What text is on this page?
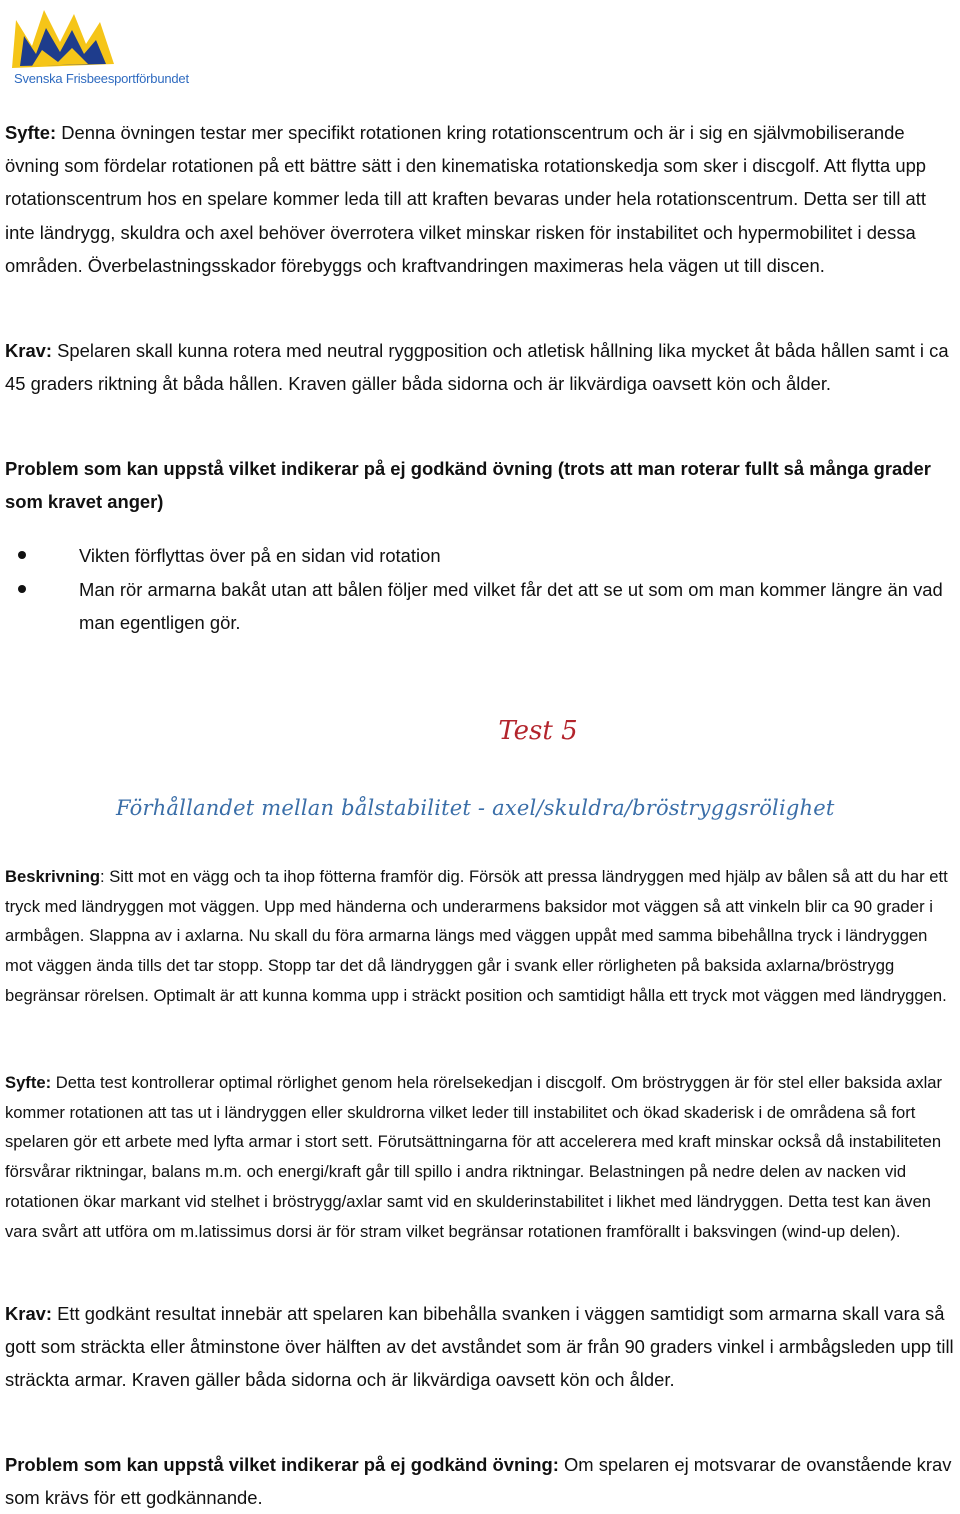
Svenska Frisbeesportförbundet

Syfte: Denna övningen testar mer specifikt rotationen kring rotationscentrum och är i sig en självmobiliserande övning som fördelar rotationen på ett bättre sätt i den kinematiska rotationskedja som sker i discgolf. Att flytta upp rotationscentrum hos en spelare kommer leda till att kraften bevaras under hela rotationscentrum. Detta ser till att inte ländrygg, skuldra och axel behöver överrotera vilket minskar risken för instabilitet och hypermobilitet i dessa områden. Överbelastningsskador förebyggs och kraftvandringen maximeras hela vägen ut till discen.

Krav: Spelaren skall kunna rotera med neutral ryggposition och atletisk hållning lika mycket åt båda hållen samt i ca 45 graders riktning åt båda hållen. Kraven gäller båda sidorna och är likvärdiga oavsett kön och ålder.

Problem som kan uppstå vilket indikerar på ej godkänd övning (trots att man roterar fullt så många grader som kravet anger)

Vikten förflyttas över på en sidan vid rotation
Man rör armarna bakåt utan att bålen följer med vilket får det att se ut som om man kommer längre än vad man egentligen gör.
Test 5
Förhållandet mellan bålstabilitet - axel/skuldra/bröstryggsrölighet

Beskrivning: Sitt mot en vägg och ta ihop fötterna framför dig. Försök att pressa ländryggen med hjälp av bålen så att du har ett tryck med ländryggen mot väggen. Upp med händerna och underarmens baksidor mot väggen så att vinkeln blir ca 90 grader i armbågen. Slappna av i axlarna. Nu skall du föra armarna längs med väggen uppåt med samma bibehållna tryck i ländryggen mot väggen ända tills det tar stopp. Stopp tar det då ländryggen går i svank eller rörligheten på baksida axlarna/bröstrygg begränsar rörelsen. Optimalt är att kunna komma upp i sträckt position och samtidigt hålla ett tryck mot väggen med ländryggen.

Syfte: Detta test kontrollerar optimal rörlighet genom hela rörelsekedjan i discgolf. Om bröstryggen är för stel eller baksida axlar kommer rotationen att tas ut i ländryggen eller skuldrorna vilket leder till instabilitet och ökad skaderisk i de områdena så fort spelaren gör ett arbete med lyfta armar i stort sett. Förutsättningarna för att accelerera med kraft minskar också då instabiliteten försvårar riktningar, balans m.m. och energi/kraft går till spillo i andra riktningar. Belastningen på nedre delen av nacken vid rotationen ökar markant vid stelhet i bröstrygg/axlar samt vid en skulderinstabilitet i likhet med ländryggen. Detta test kan även vara svårt att utföra om m.latissimus dorsi är för stram vilket begränsar rotationen framförallt i baksvingen (wind-up delen).

Krav: Ett godkänt resultat innebär att spelaren kan bibehålla svanken i väggen samtidigt som armarna skall vara så gott som sträckta eller åtminstone över hälften av det avståndet som är från 90 graders vinkel i armbågsleden upp till sträckta armar. Kraven gäller båda sidorna och är likvärdiga oavsett kön och ålder.

Problem som kan uppstå vilket indikerar på ej godkänd övning: Om spelaren ej motsvarar de ovanstående krav som krävs för ett godkännande.
